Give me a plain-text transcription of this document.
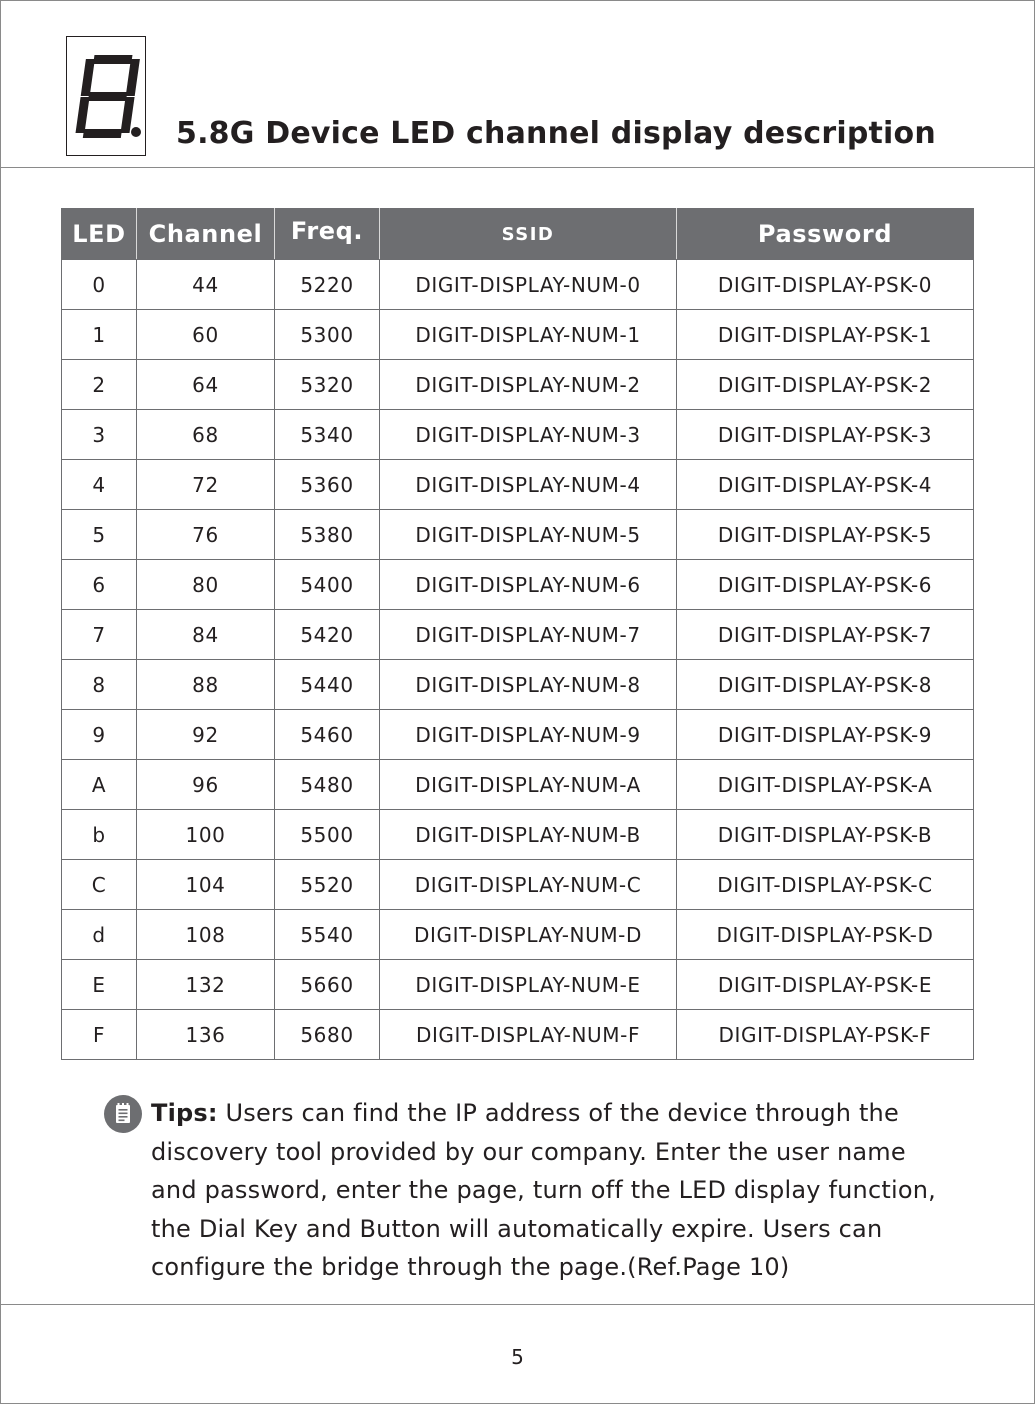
5.8G Device LED channel display description
LED	Channel	Freq.	SSID	Password
0	44	5220	DIGIT-DISPLAY-NUM-0	DIGIT-DISPLAY-PSK-0
1	60	5300	DIGIT-DISPLAY-NUM-1	DIGIT-DISPLAY-PSK-1
2	64	5320	DIGIT-DISPLAY-NUM-2	DIGIT-DISPLAY-PSK-2
3	68	5340	DIGIT-DISPLAY-NUM-3	DIGIT-DISPLAY-PSK-3
4	72	5360	DIGIT-DISPLAY-NUM-4	DIGIT-DISPLAY-PSK-4
5	76	5380	DIGIT-DISPLAY-NUM-5	DIGIT-DISPLAY-PSK-5
6	80	5400	DIGIT-DISPLAY-NUM-6	DIGIT-DISPLAY-PSK-6
7	84	5420	DIGIT-DISPLAY-NUM-7	DIGIT-DISPLAY-PSK-7
8	88	5440	DIGIT-DISPLAY-NUM-8	DIGIT-DISPLAY-PSK-8
9	92	5460	DIGIT-DISPLAY-NUM-9	DIGIT-DISPLAY-PSK-9
A	96	5480	DIGIT-DISPLAY-NUM-A	DIGIT-DISPLAY-PSK-A
b	100	5500	DIGIT-DISPLAY-NUM-B	DIGIT-DISPLAY-PSK-B
C	104	5520	DIGIT-DISPLAY-NUM-C	DIGIT-DISPLAY-PSK-C
d	108	5540	DIGIT-DISPLAY-NUM-D	DIGIT-DISPLAY-PSK-D
E	132	5660	DIGIT-DISPLAY-NUM-E	DIGIT-DISPLAY-PSK-E
F	136	5680	DIGIT-DISPLAY-NUM-F	DIGIT-DISPLAY-PSK-F
Tips: Users can find the IP address of the device through the
discovery tool provided by our company. Enter the user name
and password, enter the page, turn off the LED display function,
the Dial Key and Button will automatically expire. Users can
configure the bridge through the page.(Ref.Page 10)
5
